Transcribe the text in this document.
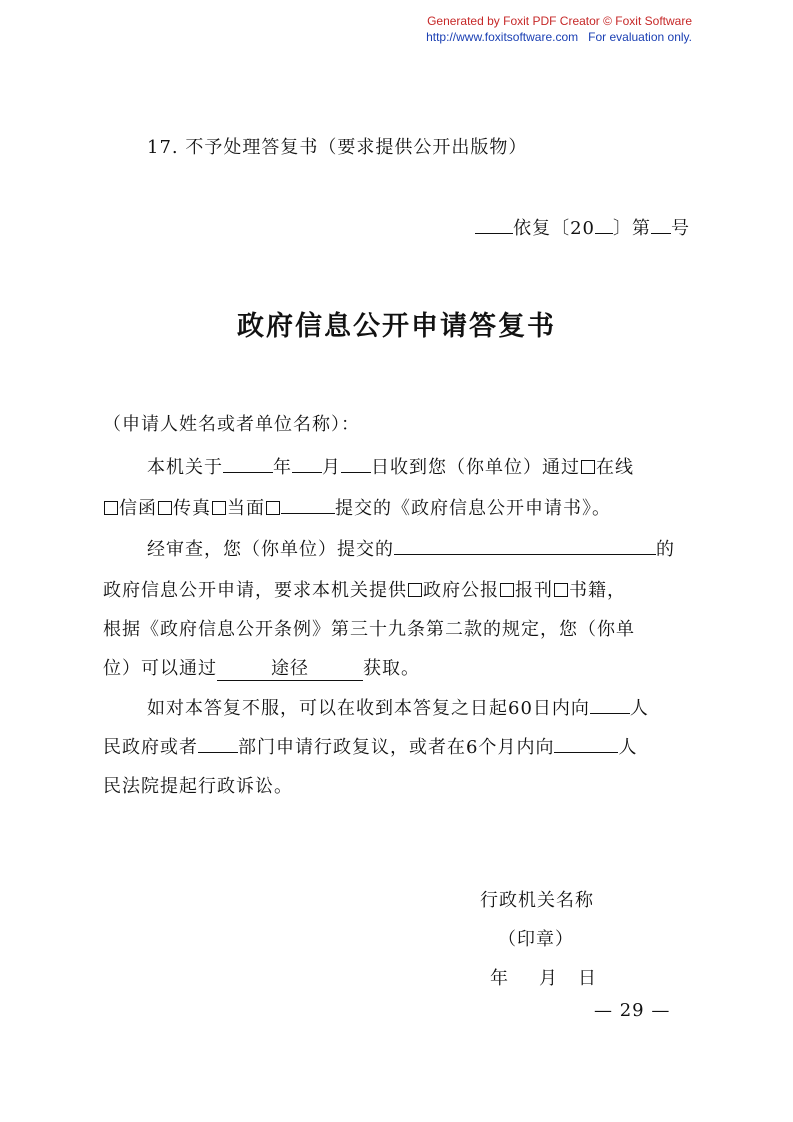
Generated by Foxit PDF Creator © Foxit Software
http://www.foxitsoftware.com For evaluation only.
17. 不予处理答复书（要求提供公开出版物）
依复〔20 〕第 号
政府信息公开申请答复书
（申请人姓名或者单位名称）：
本机关于	年 月 日收到您（你单位）通过 在线
信函 传真 当面	提交的《政府信息公开申请书》。
经审查，您（你单位）提交的	的
政府信息公开申请，要求本机关提供 政府公报 报刊 书籍，
根据《政府信息公开条例》第三十九条第二款的规定，您（你单
位）可以通过	途径	获取。
如对本答复不服，可以在收到本答复之日起60日内向 人
民政府或者 部门申请行政复议，或者在6个月内向	人
民法院提起行政诉讼。
行政机关名称
（印章）
年 月 日
— 29 —
